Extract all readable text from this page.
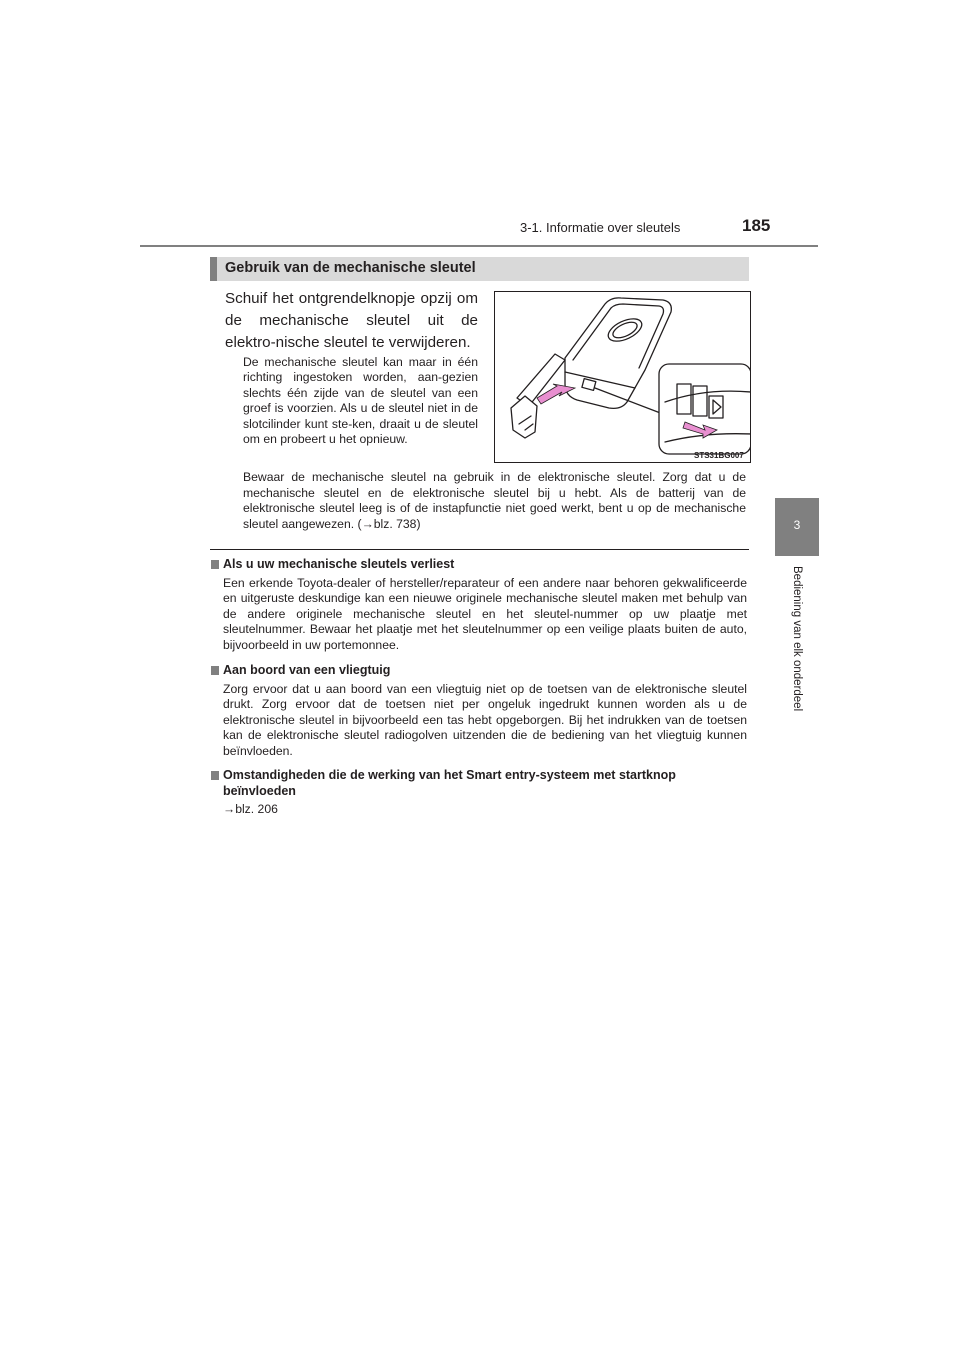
3-1. Informatie over sleutels	185
3
Bediening van elk onderdeel
Gebruik van de mechanische sleutel
Schuif het ontgrendelknopje opzij om de mechanische sleutel uit de elektro-nische sleutel te verwijderen.
De mechanische sleutel kan maar in één richting ingestoken worden, aan-gezien slechts één zijde van de sleutel van een groef is voorzien. Als u de sleutel niet in de slotcilinder kunt ste-ken, draait u de sleutel om en probeert u het opnieuw.
Bewaar de mechanische sleutel na gebruik in de elektronische sleutel. Zorg dat u de mechanische sleutel en de elektronische sleutel bij u hebt. Als de batterij van de elektronische sleutel leeg is of de instapfunctie niet goed werkt, bent u op de mechanische sleutel aangewezen. (→blz. 738)
STS31BG007
Als u uw mechanische sleutels verliest
Een erkende Toyota-dealer of hersteller/reparateur of een andere naar behoren gekwalificeerde en uitgeruste deskundige kan een nieuwe originele mechanische sleutel maken met behulp van de andere originele mechanische sleutel en het sleutel-nummer op uw plaatje met sleutelnummer. Bewaar het plaatje met het sleutelnummer op een veilige plaats buiten de auto, bijvoorbeeld in uw portemonnee.
Aan boord van een vliegtuig
Zorg ervoor dat u aan boord van een vliegtuig niet op de toetsen van de elektronische sleutel drukt. Zorg ervoor dat de toetsen niet per ongeluk ingedrukt kunnen worden als u de elektronische sleutel in bijvoorbeeld een tas hebt opgeborgen. Bij het indrukken van de toetsen kan de elektronische sleutel radiogolven uitzenden die de bediening van het vliegtuig kunnen beïnvloeden.
Omstandigheden die de werking van het Smart entry-systeem met startknop beïnvloeden
→blz. 206
